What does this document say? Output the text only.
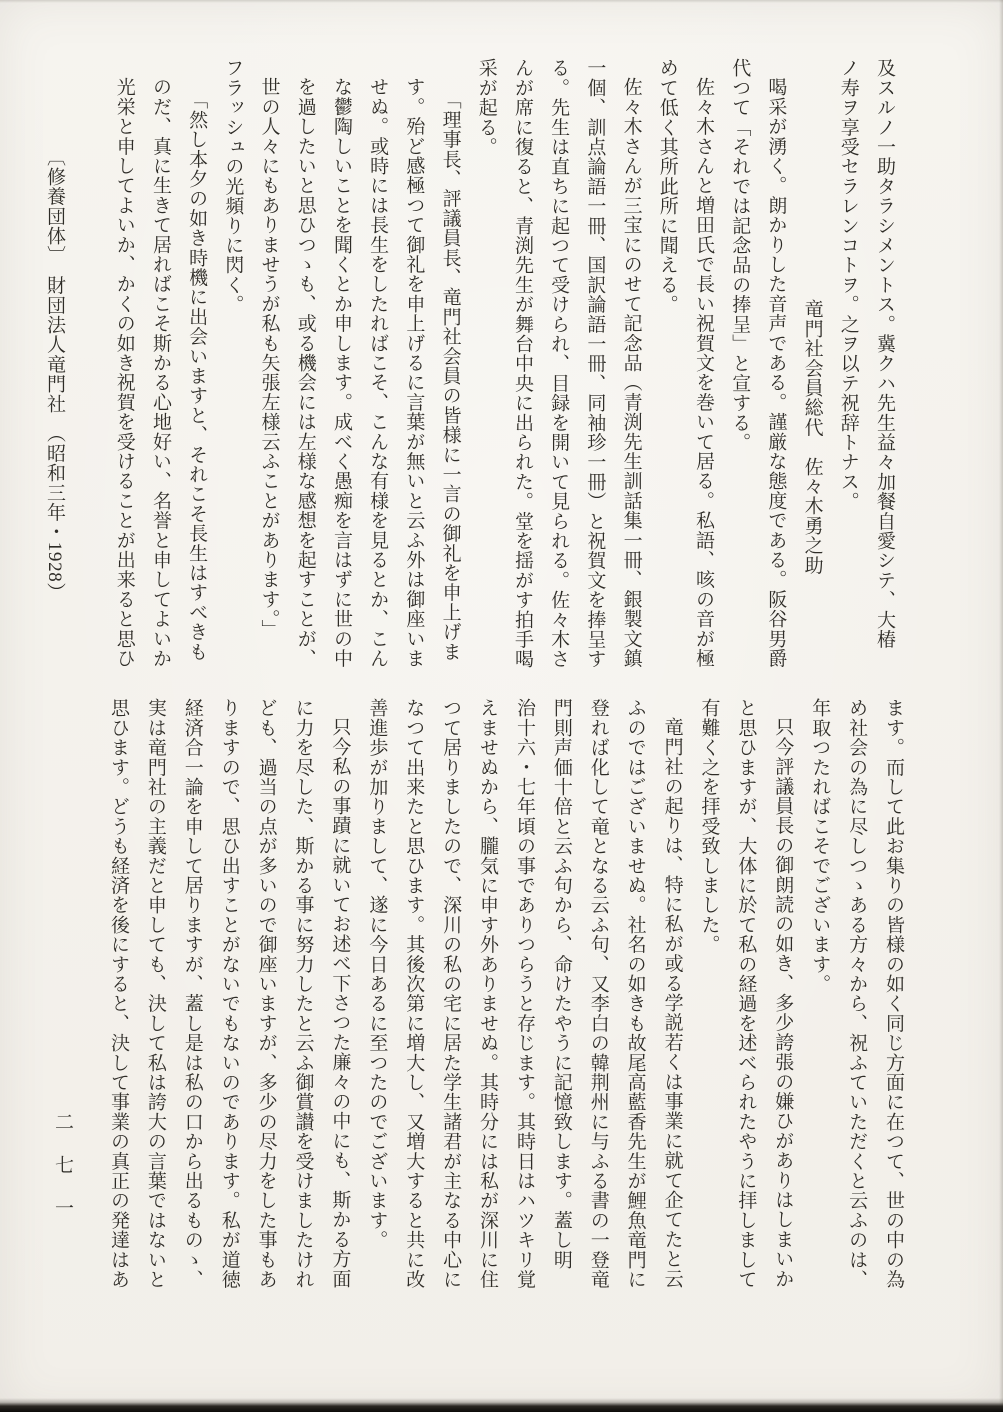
及スルノ一助タラシメントス。冀クハ先生益々加餐自愛シテ、大椿
ノ寿ヲ享受セラレンコトヲ。之ヲ以テ祝辞トナス。
竜門社会員総代　佐々木勇之助
喝采が湧く。朗かりした音声である。謹厳な態度である。阪谷男爵
代つて「それでは記念品の捧呈」と宣する。
佐々木さんと増田氏で長い祝賀文を巻いて居る。私語、咳の音が極
めて低く其所此所に聞える。
佐々木さんが三宝にのせて記念品（青渕先生訓話集一冊、銀製文鎮
一個、訓点論語一冊、国訳論語一冊、同袖珍一冊）と祝賀文を捧呈す
る。先生は直ちに起つて受けられ、目録を開いて見られる。佐々木さ
んが席に復ると、青渕先生が舞台中央に出られた。堂を揺がす拍手喝
采が起る。
「理事長、評議員長、竜門社会員の皆様に一言の御礼を申上げま
す。殆ど感極つて御礼を申上げるに言葉が無いと云ふ外は御座いま
せぬ。或時には長生をしたればこそ、こんな有様を見るとか、こん
な鬱陶しいことを聞くとか申します。成べく愚痴を言はずに世の中
を過したいと思ひつゝも、或る機会には左様な感想を起すことが、
世の人々にもありませうが私も矢張左様云ふことがあります。」
フラッシュの光頻りに閃く。
「然し本夕の如き時機に出会いますと、それこそ長生はすべきも
のだ、真に生きて居ればこそ斯かる心地好い、名誉と申してよいか
光栄と申してよいか、かくの如き祝賀を受けることが出来ると思ひ
〔修養団体〕　財団法人竜門社　（昭和三年・1928）
ます。而して此お集りの皆様の如く同じ方面に在つて、世の中の為
め社会の為に尽しつゝある方々から、祝ふていただくと云ふのは、
年取つたればこそでございます。
只今評議員長の御朗読の如き、多少誇張の嫌ひがありはしまいか
と思ひますが、大体に於て私の経過を述べられたやうに拝しまして
有難く之を拝受致しました。
竜門社の起りは、特に私が或る学説若くは事業に就て企てたと云
ふのではございませぬ。社名の如きも故尾高藍香先生が鯉魚竜門に
登れば化して竜となる云ふ句、又李白の韓荆州に与ふる書の一登竜
門則声価十倍と云ふ句から、命けたやうに記憶致します。蓋し明
治十六・七年頃の事でありつらうと存じます。其時日はハツキリ覚
えませぬから、朧気に申す外ありませぬ。其時分には私が深川に住
つて居りましたので、深川の私の宅に居た学生諸君が主なる中心に
なつて出来たと思ひます。其後次第に増大し、又増大すると共に改
善進歩が加りまして、遂に今日あるに至つたのでございます。
只今私の事蹟に就いてお述べ下さつた廉々の中にも、斯かる方面
に力を尽した、斯かる事に努力したと云ふ御賞讃を受けましたけれ
ども、過当の点が多いので御座いますが、多少の尽力をした事もあ
りますので、思ひ出すことがないでもないのであります。私が道徳
経済合一論を申して居りますが、蓋し是は私の口から出るものゝ、
実は竜門社の主義だと申しても、決して私は誇大の言葉ではないと
思ひます。どうも経済を後にすると、決して事業の真正の発達はあ
二七一
